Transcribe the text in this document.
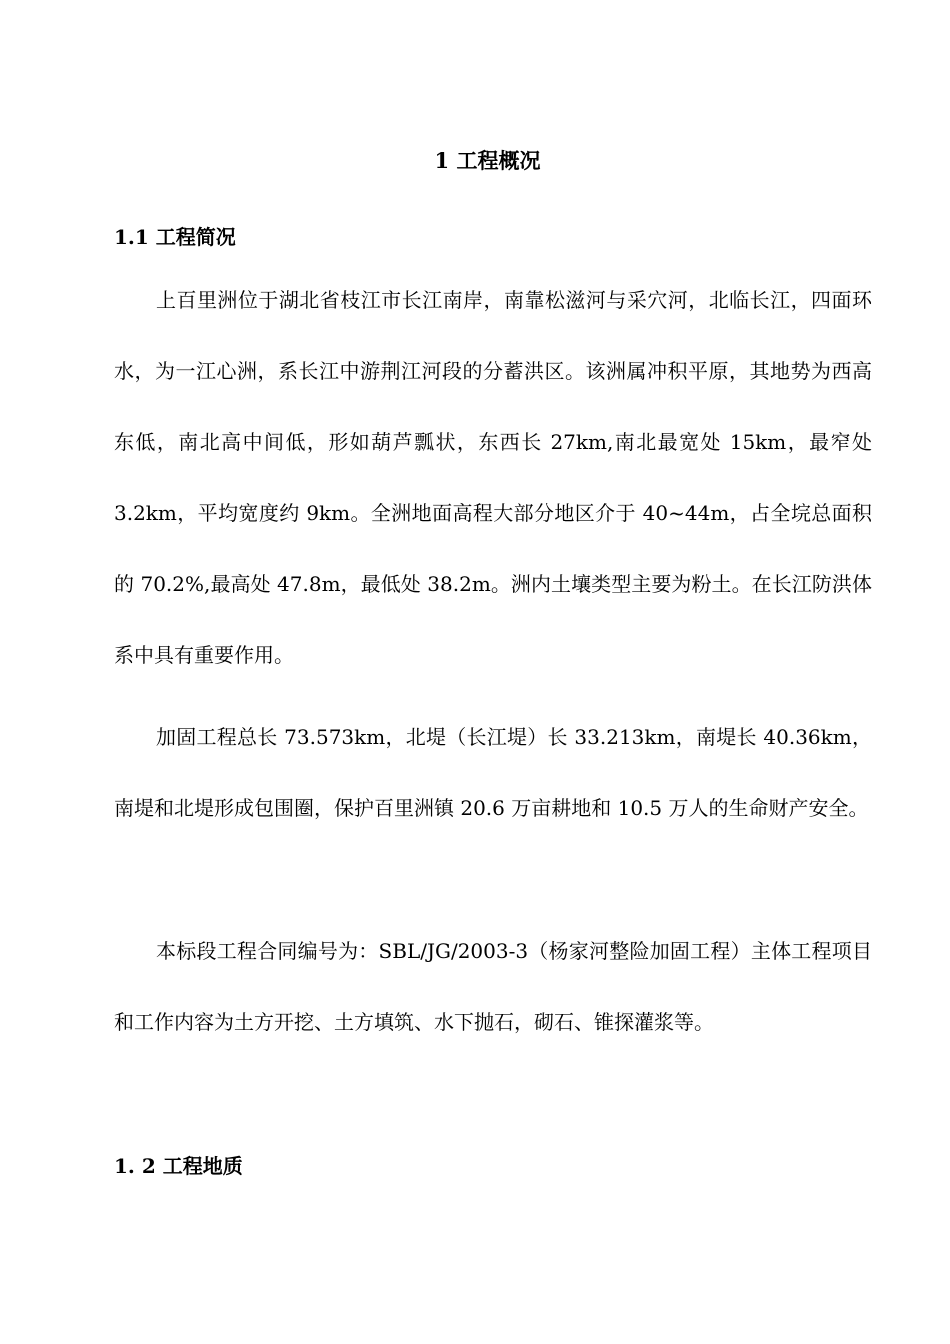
1 工程概况
1.1 工程简况

上百里洲位于湖北省枝江市长江南岸，南靠松滋河与采穴河，北临长江，四面环水，为一江心洲，系长江中游荆江河段的分蓄洪区。该洲属冲积平原，其地势为西高东低，南北高中间低，形如葫芦瓢状，东西长 27km,南北最宽处 15km，最窄处 3.2km，平均宽度约 9km。全洲地面高程大部分地区介于 40~44m，占全垸总面积的 70.2%,最高处 47.8m，最低处 38.2m。洲内土壤类型主要为粉土。在长江防洪体系中具有重要作用。

加固工程总长 73.573km，北堤（长江堤）长 33.213km，南堤长 40.36km，南堤和北堤形成包围圈，保护百里洲镇 20.6 万亩耕地和 10.5 万人的生命财产安全。

本标段工程合同编号为：SBL/JG/2003-3（杨家河整险加固工程）主体工程项目和工作内容为土方开挖、土方填筑、水下抛石，砌石、锥探灌浆等。

1. 2 工程地质
